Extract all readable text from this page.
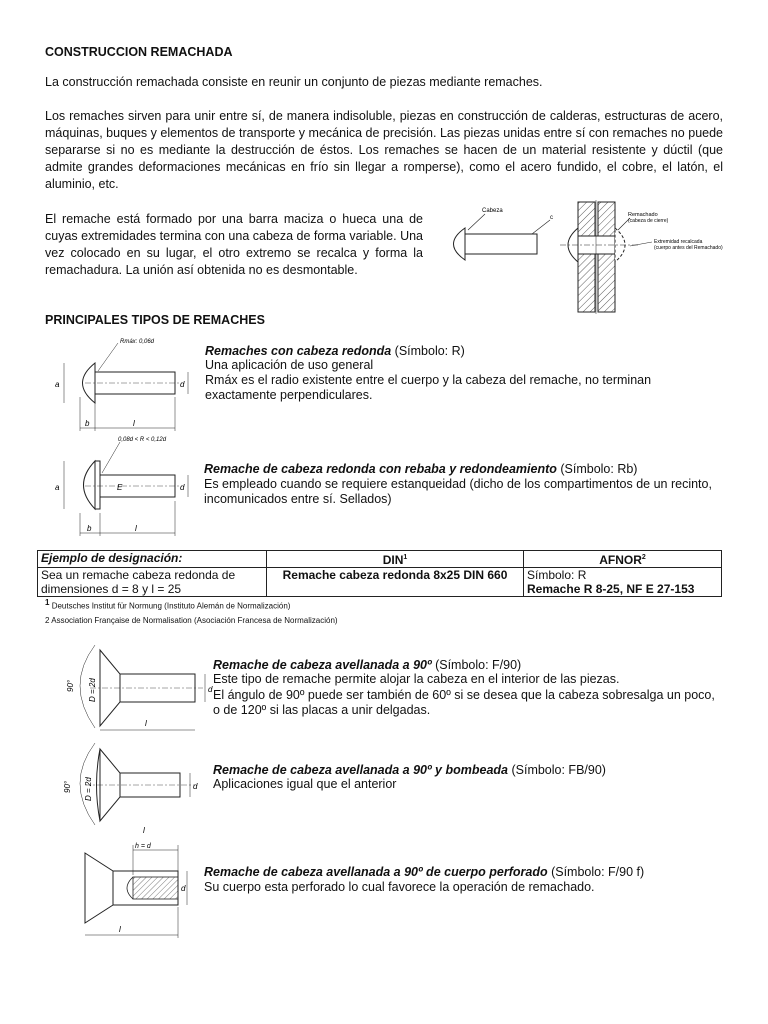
CONSTRUCCION REMACHADA
La construcción remachada consiste en reunir un conjunto de piezas mediante remaches.
Los remaches sirven para unir entre sí, de manera indisoluble, piezas en construcción de calderas, estructuras de acero, máquinas, buques y elementos de transporte y mecánica de precisión. Las piezas unidas entre sí con remaches no puede separarse si no es mediante la destrucción de éstos. Los remaches se hacen de un material resistente y dúctil (que admite grandes deformaciones mecánicas en frío sin llegar a romperse), como el acero fundido, el cobre, el latón, el aluminio, etc.
El remache está formado por una barra maciza o hueca una de cuyas extremidades termina con una cabeza de forma variable. Una vez colocado en su lugar, el otro extremo se recalca y forma la remachadura. La unión así obtenida no es desmontable.
Cabeza
c	Remachado
(cabeza de cierre)
Extremidad recalcada
(cuerpo antes del Remachado)
PRINCIPALES TIPOS DE REMACHES
Rmáx: 0,06d
a	d
b	l
Remaches con cabeza redonda (Símbolo: R)
Una aplicación de uso general
Rmáx es el radio existente entre el cuerpo y la cabeza del remache, no terminan exactamente perpendiculares.
0,08d < R < 0,12d
a	E	d
b	l
Remache de cabeza redonda con rebaba y redondeamiento (Símbolo: Rb)
Es empleado cuando se requiere estanqueidad (dicho de los compartimentos de un recinto, incomunicados entre sí. Sellados)
Ejemplo de designación:	DIN$^1$	AFNOR$^2$
Sea un remache cabeza redonda de dimensiones d = 8 y l = 25	Remache cabeza redonda 8x25 DIN 660	Símbolo: R
Remache R 8-25, NF E 27-153
$^1$ Deutsches Institut für Normung (Instituto Alemán de Normalización)
2 Association Française de Normalisation (Asociación Francesa de Normalización)
90° D = 2d	d
l
Remache de cabeza avellanada a 90º (Símbolo: F/90)
Este tipo de remache permite alojar la cabeza en el interior de las piezas.
El ángulo de 90º puede ser también de 60º si se desea que la cabeza sobresalga un poco, o de 120º si las placas a unir delgadas.
90° D = 2d	d
l
Remache de cabeza avellanada a 90º y bombeada (Símbolo: FB/90)
Aplicaciones igual que el anterior
h = d
d
l
Remache de cabeza avellanada a 90º de cuerpo perforado (Símbolo: F/90 f)
Su cuerpo esta perforado lo cual favorece la operación de remachado.
